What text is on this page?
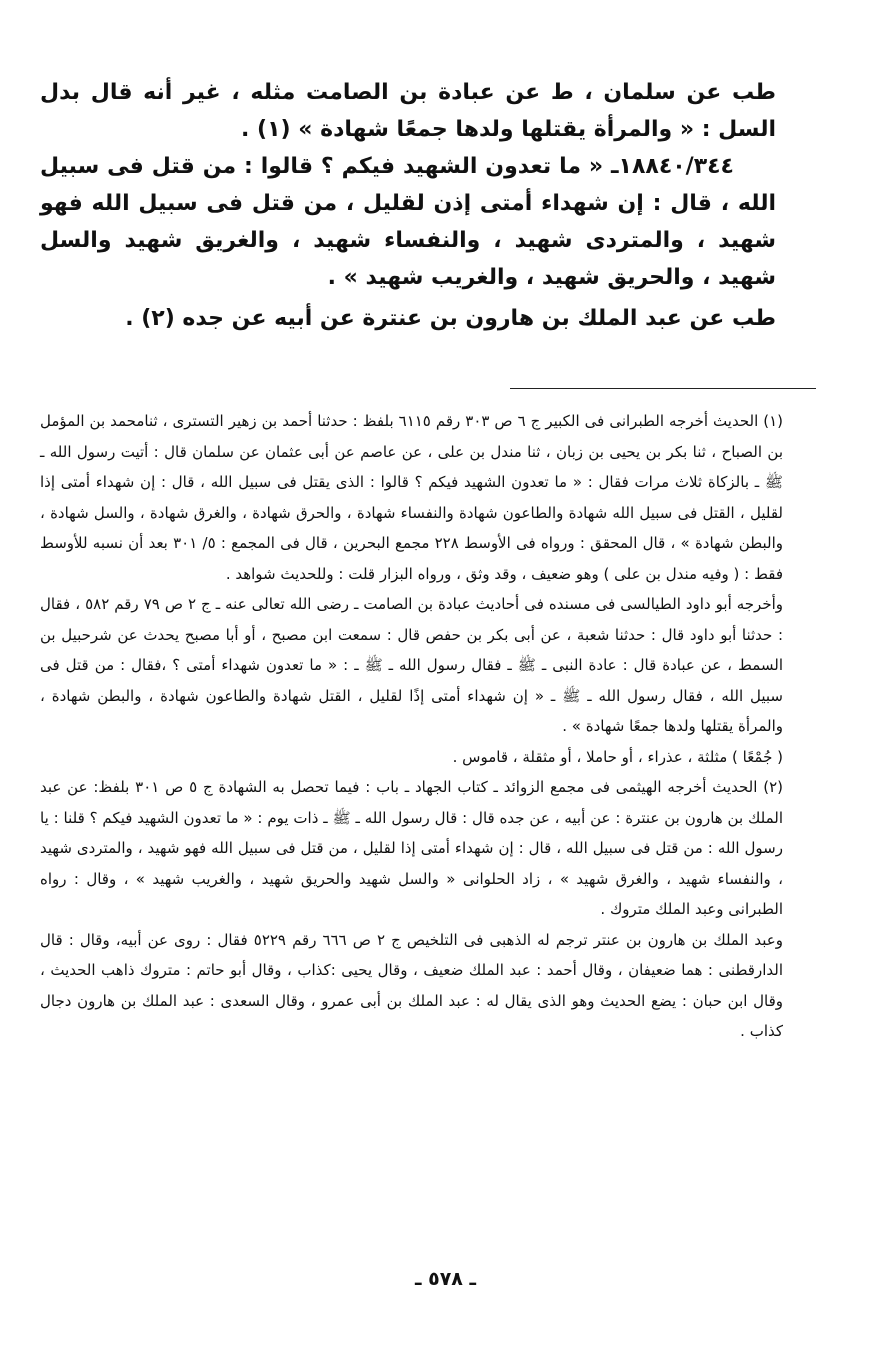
طب عن سلمان ، ط عن عبادة بن الصامت مثله ، غير أنه قال بدل السل : « والمرأة يقتلها ولدها جمعًا شهادة » (١) .

١٨٨٤٠/٣٤٤ـ « ما تعدون الشهيد فيكم ؟ قالوا : من قتل فى سبيل الله ، قال : إن شهداء أمتى إذن لقليل ، من قتل فى سبيل الله فهو شهيد ، والمتردى شهيد ، والنفساء شهيد ، والغريق شهيد والسل شهيد ، والحريق شهيد ، والغريب شهيد » .

طب عن عبد الملك بن هارون بن عنترة عن أبيه عن جده (٢) .

(١) الحديث أخرجه الطبرانى فى الكبير ج ٦ ص ٣٠٣ رقم ٦١١٥ بلفظ : حدثنا أحمد بن زهير التسترى ، ثنامحمد بن المؤمل بن الصباح ، ثنا بكر بن يحيى بن زبان ، ثنا مندل بن على ، عن عاصم عن أبى عثمان عن سلمان قال : أتيت رسول الله ـ ﷺ ـ بالزكاة ثلاث مرات فقال : « ما تعدون الشهيد فيكم ؟ قالوا : الذى يقتل فى سبيل الله ، قال : إن شهداء أمتى إذا لقليل ، القتل فى سبيل الله شهادة والطاعون شهادة والنفساء شهادة ، والحرق شهادة ، والغرق شهادة ، والسل شهادة ، والبطن شهادة » ، قال المحقق : ورواه فى الأوسط ٢٢٨ مجمع البحرين ، قال فى المجمع : ٥/ ٣٠١ بعد أن نسبه للأوسط فقط : ( وفيه مندل بن على ) وهو ضعيف ، وقد وثق ، ورواه البزار قلت : وللحديث شواهد .

وأخرجه أبو داود الطيالسى فى مسنده فى أحاديث عبادة بن الصامت ـ رضى الله تعالى عنه ـ ج ٢ ص ٧٩ رقم ٥٨٢ ، فقال : حدثنا أبو داود قال : حدثنا شعبة ، عن أبى بكر بن حفص قال : سمعت ابن مصبح ، أو أبا مصبح يحدث عن شرحبيل بن السمط ، عن عبادة قال : عادة النبى ـ ﷺ ـ فقال رسول الله ـ ﷺ ـ : « ما تعدون شهداء أمتى ؟ ،فقال : من قتل فى سبيل الله ، فقال رسول الله ـ ﷺ ـ « إن شهداء أمتى إذًا لقليل ، القتل شهادة والطاعون شهادة ، والبطن شهادة ، والمرأة يقتلها ولدها جمعًا شهادة » .

( جُمْعًا ) مثلثة ، عذراء ، أو حاملا ، أو مثقلة ، قاموس .

(٢) الحديث أخرجه الهيثمى فى مجمع الزوائد ـ كتاب الجهاد ـ باب : فيما تحصل به الشهادة ج ٥ ص ٣٠١ بلفظ: عن عبد الملك بن هارون بن عنترة : عن أبيه ، عن جده قال : قال رسول الله ـ ﷺ ـ ذات يوم : « ما تعدون الشهيد فيكم ؟ قلنا : يا رسول الله : من قتل فى سبيل الله ، قال : إن شهداء أمتى إذا لقليل ، من قتل فى سبيل الله فهو شهيد ، والمتردى شهيد ، والنفساء شهيد ، والغرق شهيد » ، زاد الحلوانى « والسل شهيد والحريق شهيد ، والغريب شهيد » ، وقال : رواه الطبرانى وعبد الملك متروك .

وعبد الملك بن هارون بن عنتر ترجم له الذهبى فى التلخيص ج ٢ ص ٦٦٦ رقم ٥٢٢٩ فقال : روى عن أبيه، وقال : قال الدارقطنى : هما ضعيفان ، وقال أحمد : عبد الملك ضعيف ، وقال يحيى :كذاب ، وقال أبو حاتم : متروك ذاهب الحديث ، وقال ابن حبان : يضع الحديث وهو الذى يقال له : عبد الملك بن أبى عمرو ، وقال السعدى : عبد الملك بن هارون دجال كذاب .

ـ ٥٧٨ ـ
